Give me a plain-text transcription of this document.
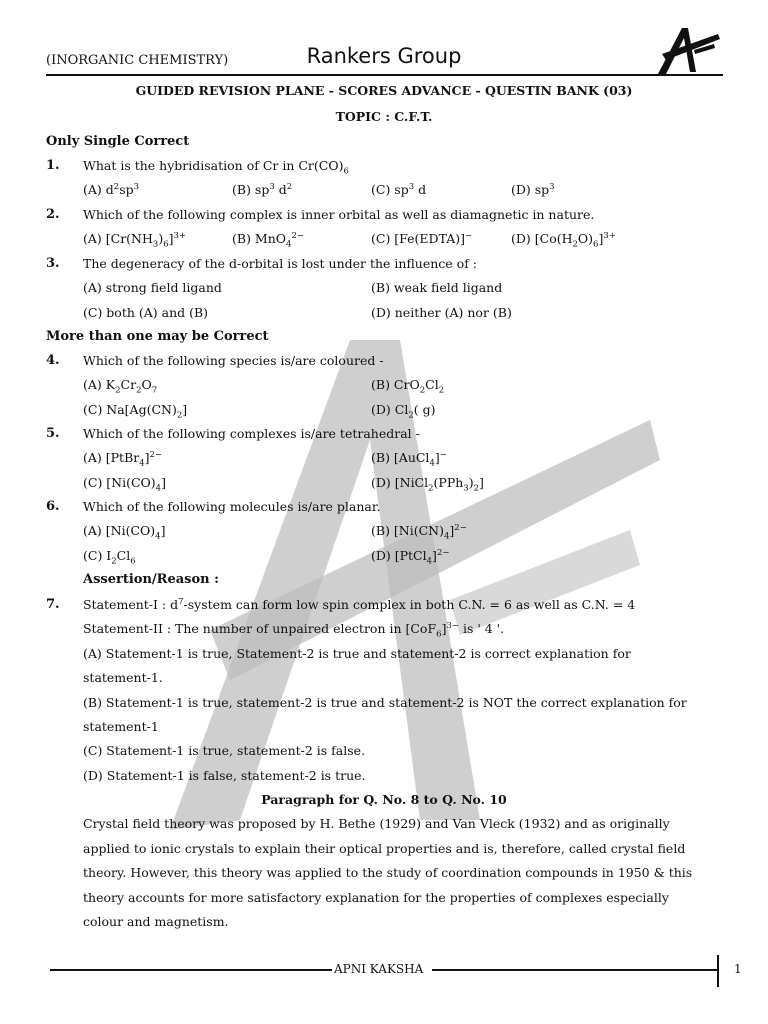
(INORGANIC CHEMISTRY)	Rankers Group
GUIDED REVISION PLANE - SCORES ADVANCE - QUESTIN BANK (03)
TOPIC : C.F.T.
Only Single Correct
1. What is the hybridisation of Cr in $Cr(CO)_6$
(A) $d^2sp^3$	(B) $sp^3$ $d^2$	(C) $sp^3$ d	(D) $sp^3$
2. Which of the following complex is inner orbital as well as diamagnetic in nature.
(A) $[Cr(NH_3)_6]^{3+}$	(B) MnO$_4^{2-}$	(C) [Fe(EDTA)]−	(D) $[Co(H_2O)_6]^{3+}$
3. The degeneracy of the d-orbital is lost under the influence of :
(A) strong field ligand	(B) weak field ligand
(C) both (A) and (B)	(D) neither (A) nor (B)
More than one may be Correct
4. Which of the following species is/are coloured -
(A) $K_2Cr_2O_7$	(B) $CrO_2Cl_2$
(C) $Na[Ag(CN)_2]$	(D) $Cl_2$( g)
5. Which of the following complexes is/are tetrahedral -
(A) [PtBr$_4$]$^{2-}$	(B) [AuCl$_4$]−
(C) $[Ni(CO)_4]$	(D) $[NiCl_2(PPh_3)_2]$
6. Which of the following molecules is/are planar.
(A) $[Ni(CO)_4]$	(B) $[Ni(CN)_4]^{2-}$
(C) $I_2Cl_6$	(D) [PtCl$_4$]$^{2-}$
Assertion/Reason :
7. Statement-I : $d^7$-system can form low spin complex in both C.N. = 6 as well as C.N. = 4
Statement-II : The number of unpaired electron in $[CoF_6]^{3-}$ is ' 4 '.
(A) Statement-1 is true, Statement-2 is true and statement-2 is correct explanation for
statement-1.
(B) Statement-1 is true, statement-2 is true and statement-2 is NOT the correct explanation for
statement-1
(C) Statement-1 is true, statement-2 is false.
(D) Statement-1 is false, statement-2 is true.
Paragraph for Q. No. 8 to Q. No. 10
Crystal field theory was proposed by H. Bethe (1929) and Van Vleck (1932) and as originally
applied to ionic crystals to explain their optical properties and is, therefore, called crystal field
theory. However, this theory was applied to the study of coordination compounds in 1950 & this
theory accounts for more satisfactory explanation for the properties of complexes especially
colour and magnetism.
APNI KAKSHA	1
